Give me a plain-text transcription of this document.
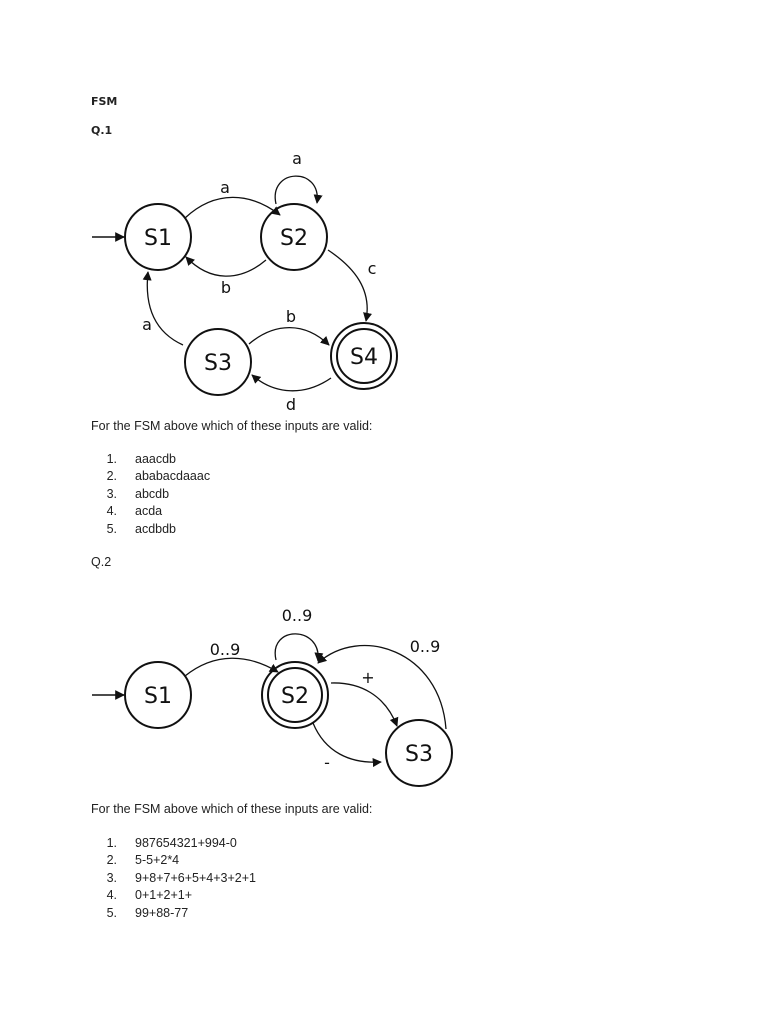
FSM
Q.1
S1	S2
S3	S4
a
a
b
c
a	b
d
For the FSM above which of these inputs are valid:
1. aaacdb
2. ababacdaaac
3. abcdb
4. acda
5. acdbdb
Q.2
S1	S2
S3
0..9
0..9
0..9
+
-
For the FSM above which of these inputs are valid:
1. 987654321+994-0
2. 5-5+2*4
3. 9+8+7+6+5+4+3+2+1
4. 0+1+2+1+
5. 99+88-77
